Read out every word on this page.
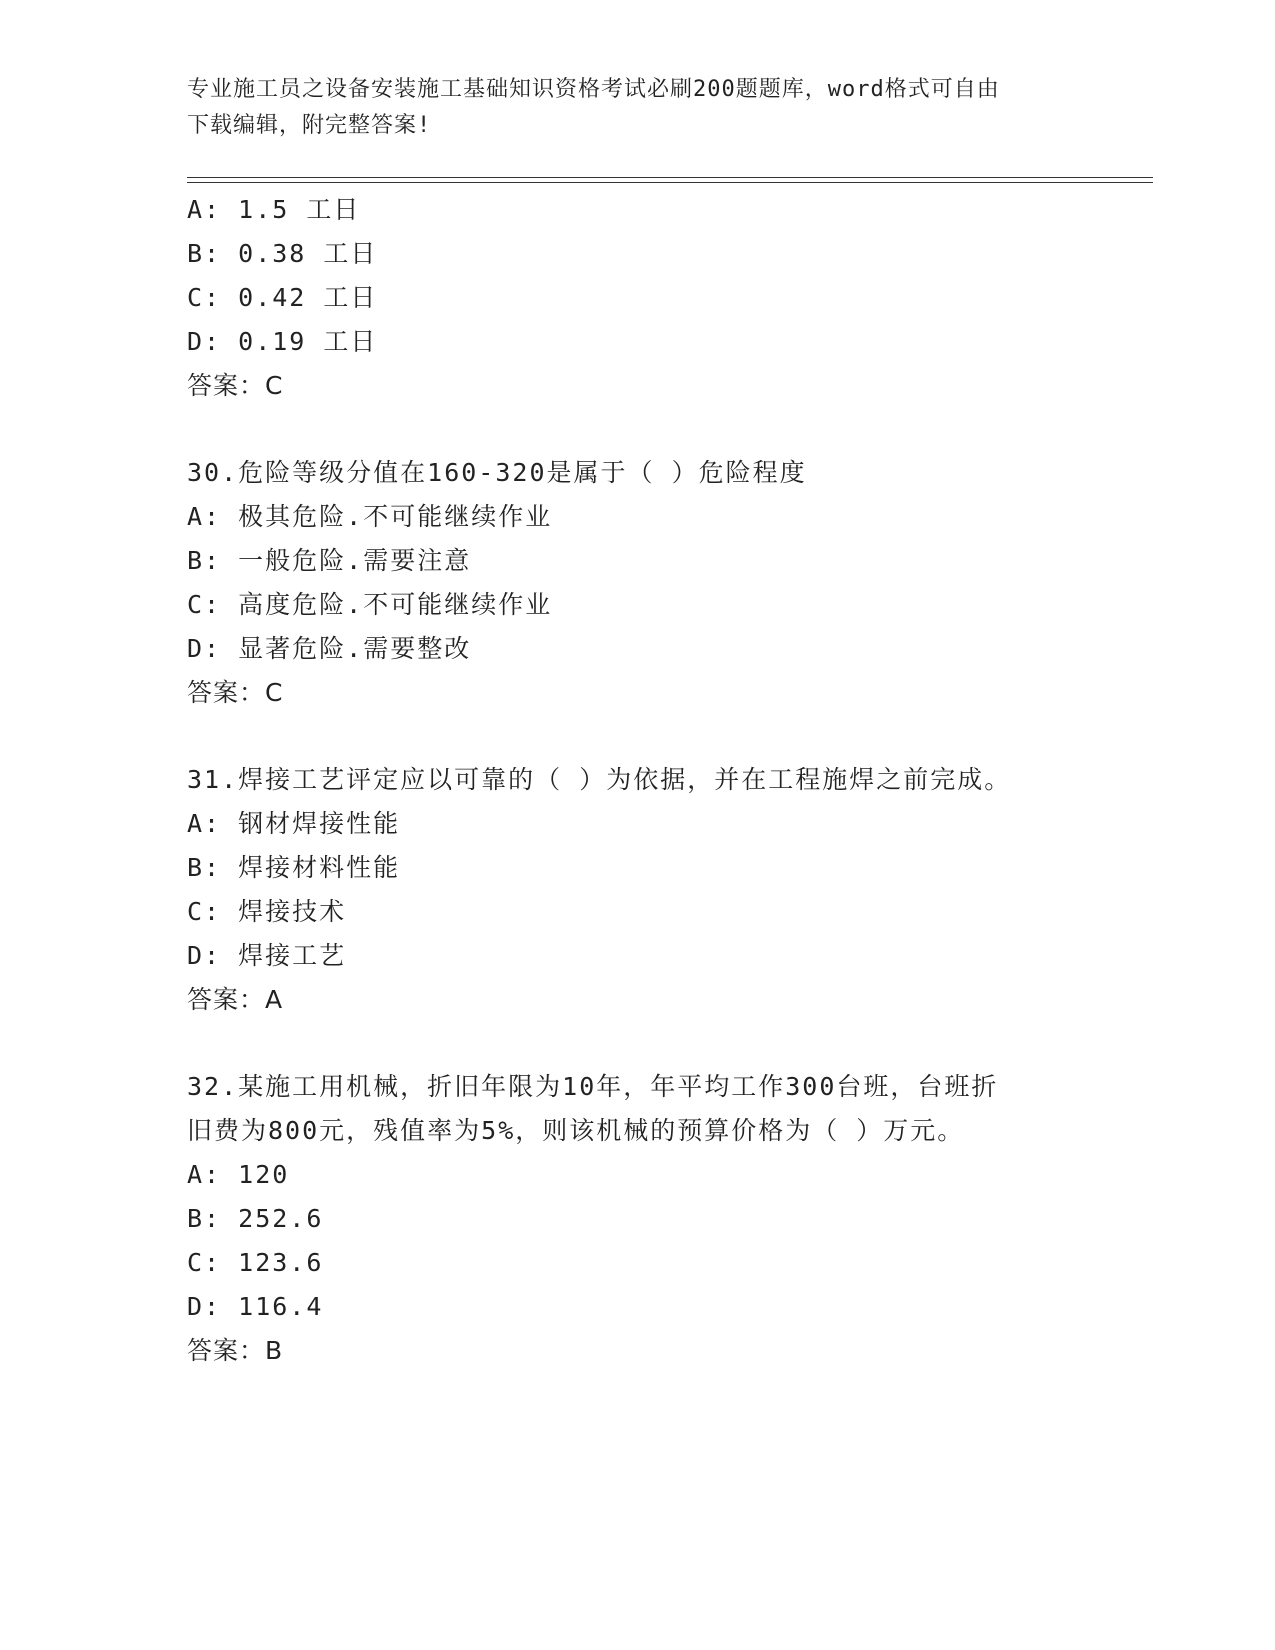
专业施工员之设备安装施工基础知识资格考试必刷200题题库，word格式可自由
下载编辑，附完整答案!
A: 1.5 工日
B: 0.38 工日
C: 0.42 工日
D: 0.19 工日
答案：C
30.危险等级分值在160-320是属于（ ）危险程度
A: 极其危险.不可能继续作业
B: 一般危险.需要注意
C: 高度危险.不可能继续作业
D: 显著危险.需要整改
答案：C
31.焊接工艺评定应以可靠的（ ）为依据，并在工程施焊之前完成。
A: 钢材焊接性能
B: 焊接材料性能
C: 焊接技术
D: 焊接工艺
答案：A
32.某施工用机械，折旧年限为10年，年平均工作300台班，台班折
旧费为800元，残值率为5%，则该机械的预算价格为（ ）万元。
A: 120
B: 252.6
C: 123.6
D: 116.4
答案：B
